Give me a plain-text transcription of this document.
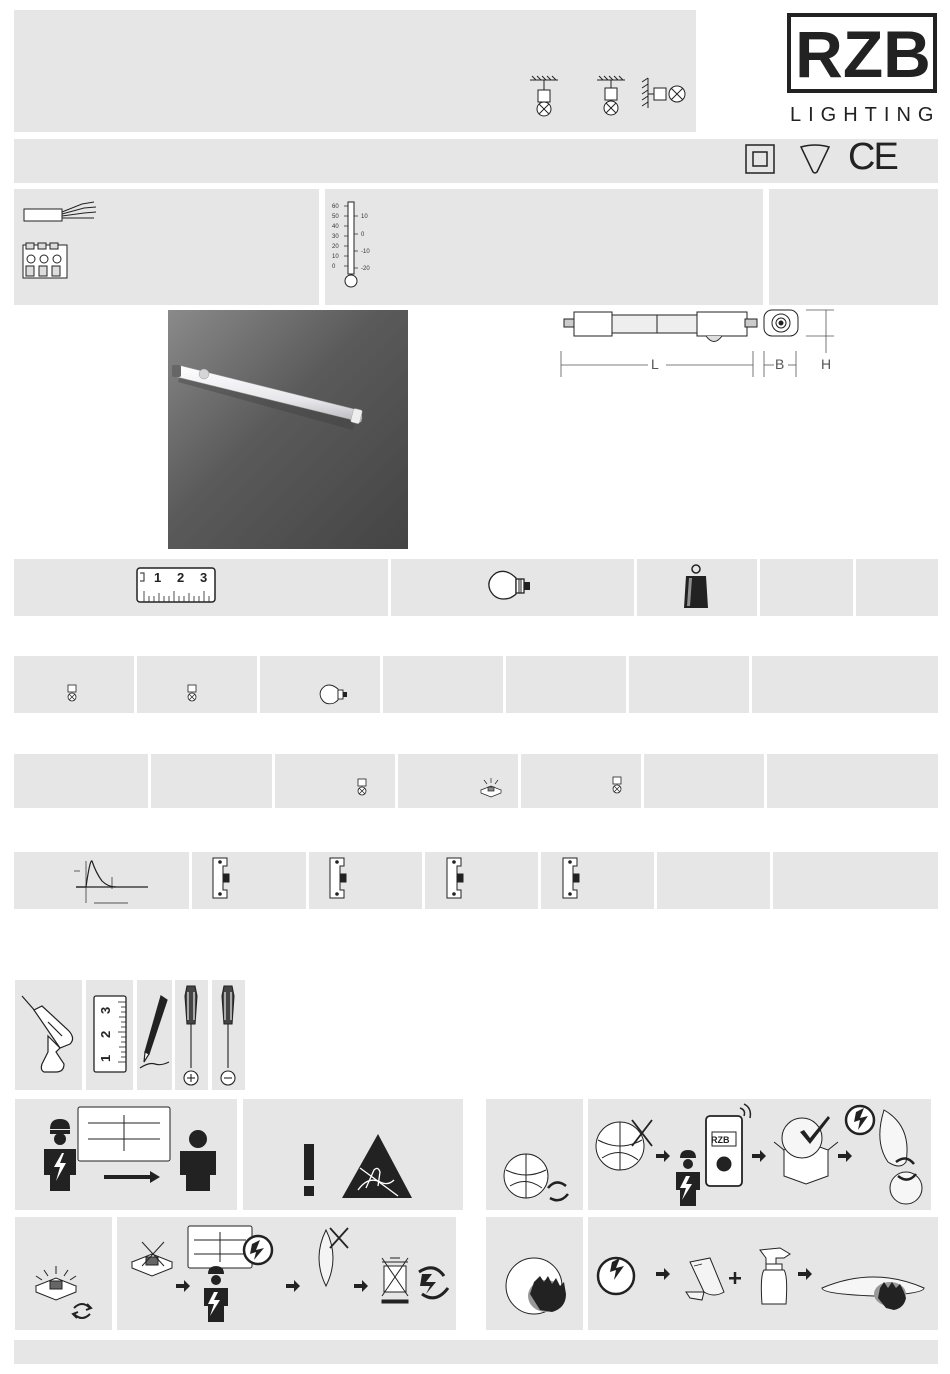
RZB
LIGHTING
CE
60
50
40
30
20
10
0
10
0
-10
-20
L	B	H
1 2 3
3
2
1
RZB
